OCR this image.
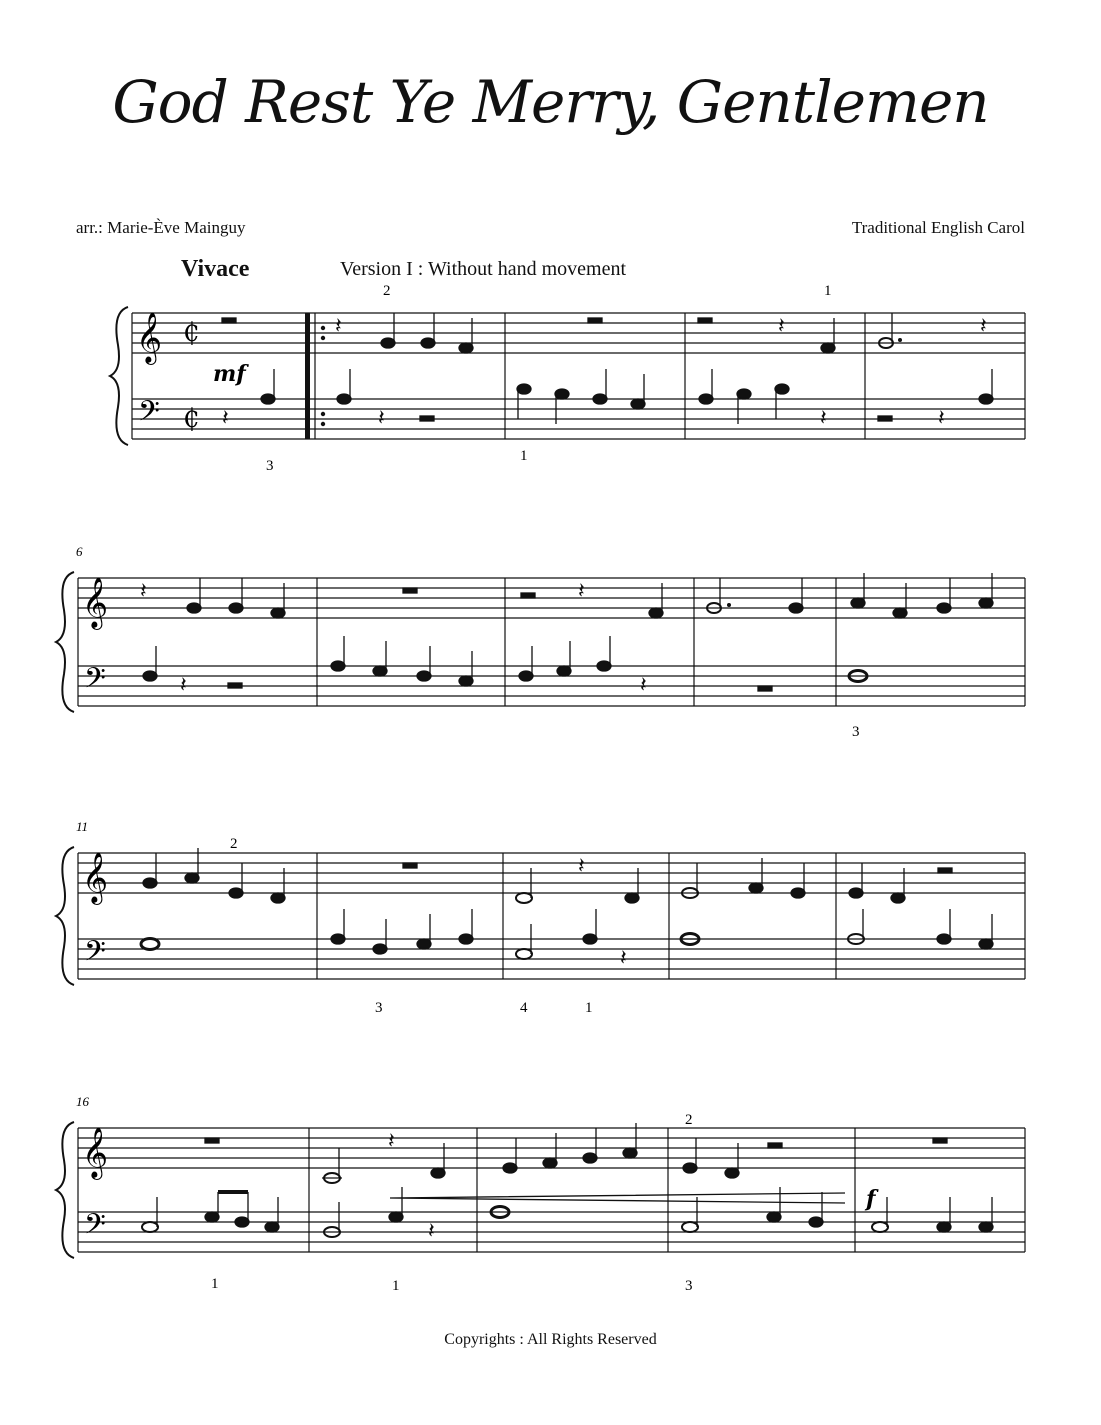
God Rest Ye Merry, Gentlemen
arr.: Marie-Ève Mainguy	Traditional English Carol
Vivace	Version I : Without hand movement
𝄞
𝄢
₵
₵
𝄽	𝄽	𝄽
𝄽	𝄽	𝄽	𝄽
mf
2	1
3
1
𝄞
𝄢
6
𝄽	𝄽
𝄽	𝄽
3
𝄞
𝄢
11
𝄽
𝄽
2
3	4	1
𝄞
𝄢
16
𝄽
𝄽
f
1	1
2
3
Copyrights : All Rights Reserved
